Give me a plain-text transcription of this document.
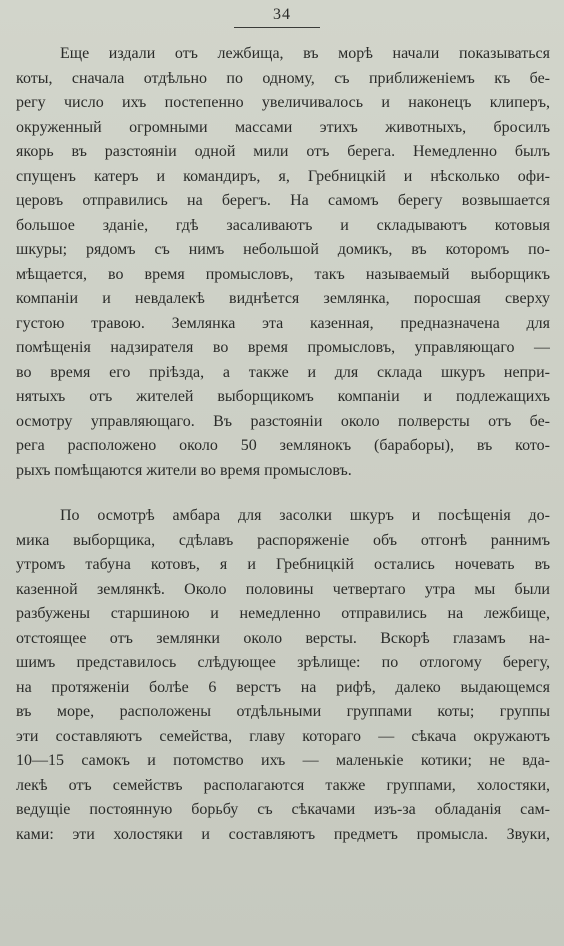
34
Еще издали отъ лежбища, въ морѣ начали показываться
коты, сначала отдѣльно по одному, съ приближеніемъ къ бе-
регу число ихъ постепенно увеличивалось и наконецъ клиперъ,
окруженный огромными массами этихъ животныхъ, бросилъ
якорь въ разстояніи одной мили отъ берега. Немедленно былъ
спущенъ катеръ и командиръ, я, Гребницкій и нѣсколько офи-
церовъ отправились на берегъ. На самомъ берегу возвышается
большое зданіе, гдѣ засаливаютъ и складываютъ котовыя
шкуры; рядомъ съ нимъ небольшой домикъ, въ которомъ по-
мѣщается, во время промысловъ, такъ называемый выборщикъ
компаніи и невдалекѣ виднѣется землянка, поросшая сверху
густою травою. Землянка эта казенная, предназначена для
помѣщенія надзирателя во время промысловъ, управляющаго —
во время его пріѣзда, а также и для склада шкуръ непри-
нятыхъ отъ жителей выборщикомъ компаніи и подлежащихъ
осмотру управляющаго. Въ разстояніи около полверсты отъ бе-
рега расположено около 50 землянокъ (бараборы), въ кото-
рыхъ помѣщаются жители во время промысловъ.
По осмотрѣ амбара для засолки шкуръ и посѣщенія до-
мика выборщика, сдѣлавъ распоряженіе объ отгонѣ раннимъ
утромъ табуна котовъ, я и Гребницкій остались ночевать въ
казенной землянкѣ. Около половины четвертаго утра мы были
разбужены старшиною и немедленно отправились на лежбище,
отстоящее отъ землянки около версты. Вскорѣ глазамъ на-
шимъ представилось слѣдующее зрѣлище: по отлогому берегу,
на протяженіи болѣе 6 верстъ на рифѣ, далеко выдающемся
въ море, расположены отдѣльными группами коты; группы
эти составляютъ семейства, главу котораго — сѣкача окружаютъ
10—15 самокъ и потомство ихъ — маленькіе котики; не вда-
лекѣ отъ семействъ располагаются также группами, холостяки,
ведущіе постоянную борьбу съ сѣкачами изъ-за обладанія сам-
ками: эти холостяки и составляютъ предметъ промысла. Звуки,
